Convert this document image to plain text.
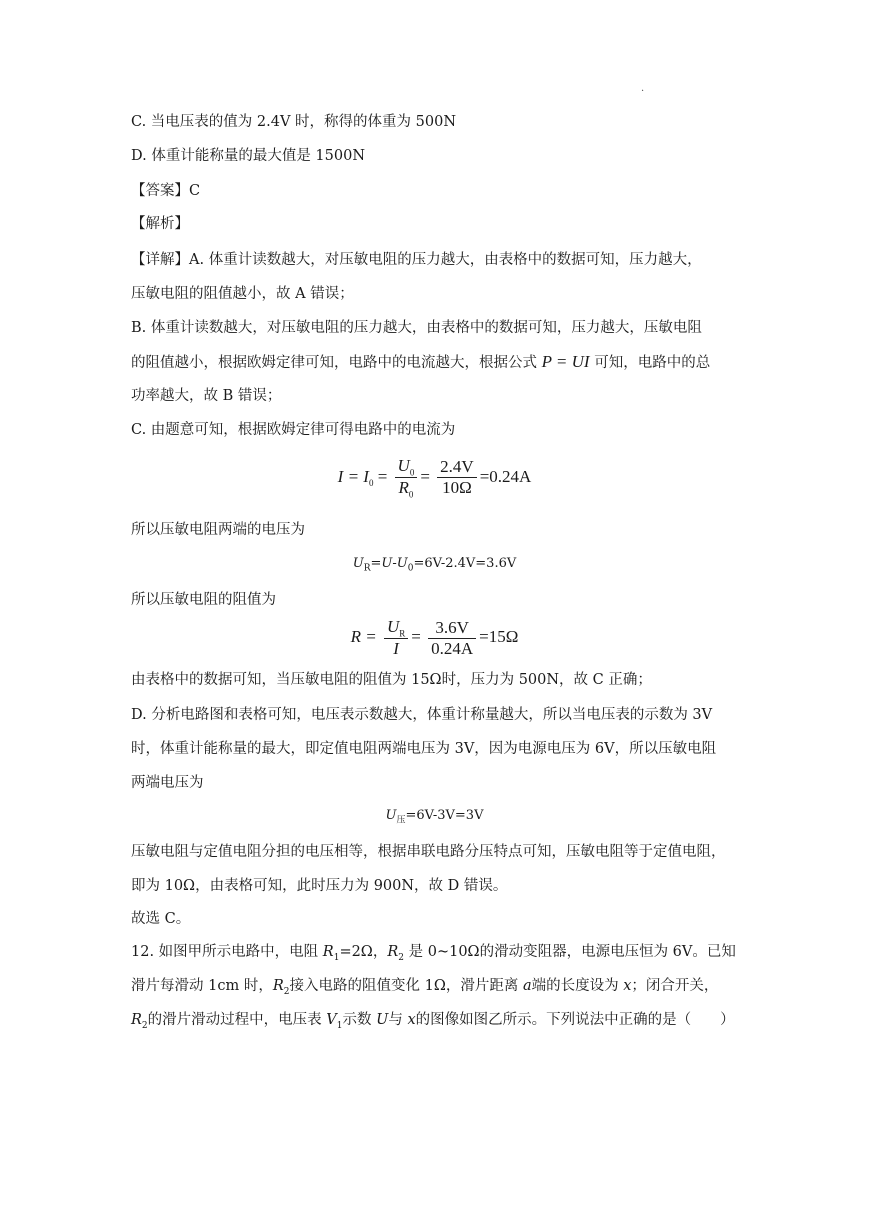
·
C. 当电压表的值为 2.4V 时，称得的体重为 500N
D. 体重计能称量的最大值是 1500N
【答案】C
【解析】
【详解】A. 体重计读数越大，对压敏电阻的压力越大，由表格中的数据可知，压力越大，
压敏电阻的阻值越小，故 A 错误；
B. 体重计读数越大，对压敏电阻的压力越大，由表格中的数据可知，压力越大，压敏电阻
的阻值越小，根据欧姆定律可知，电路中的电流越大，根据公式 P = UI 可知，电路中的总
功率越大，故 B 错误；
C. 由题意可知，根据欧姆定律可得电路中的电流为
$I = I_0 = \frac{U_0}{R_0} = \frac{2.4V}{10\Omega} =0.24A$
所以压敏电阻两端的电压为
$U_R=U-U_0=6V-2.4V=3.6V$
所以压敏电阻的阻值为
$R = \frac{U_R}{I} = \frac{3.6V}{0.24A} =15\Omega$
由表格中的数据可知，当压敏电阻的阻值为 15Ω时，压力为 500N，故 C 正确；
D. 分析电路图和表格可知，电压表示数越大，体重计称量越大，所以当电压表的示数为 3V
时，体重计能称量的最大，即定值电阻两端电压为 3V，因为电源电压为 6V，所以压敏电阻
两端电压为
$U_压=6V-3V=3V$
压敏电阻与定值电阻分担的电压相等，根据串联电路分压特点可知，压敏电阻等于定值电阻，
即为 10Ω，由表格可知，此时压力为 900N，故 D 错误。
故选 C。
12. 如图甲所示电路中，电阻 $R_1=2\Omega$，$R_2$ 是 0~10Ω的滑动变阻器，电源电压恒为 6V。已知
滑片每滑动 1cm 时，$R_2$接入电路的阻值变化 1Ω，滑片距离 a端的长度设为 x；闭合开关，
$R_2$的滑片滑动过程中，电压表 $V_1$示数 U与 x的图像如图乙所示。下列说法中正确的是（　　）
